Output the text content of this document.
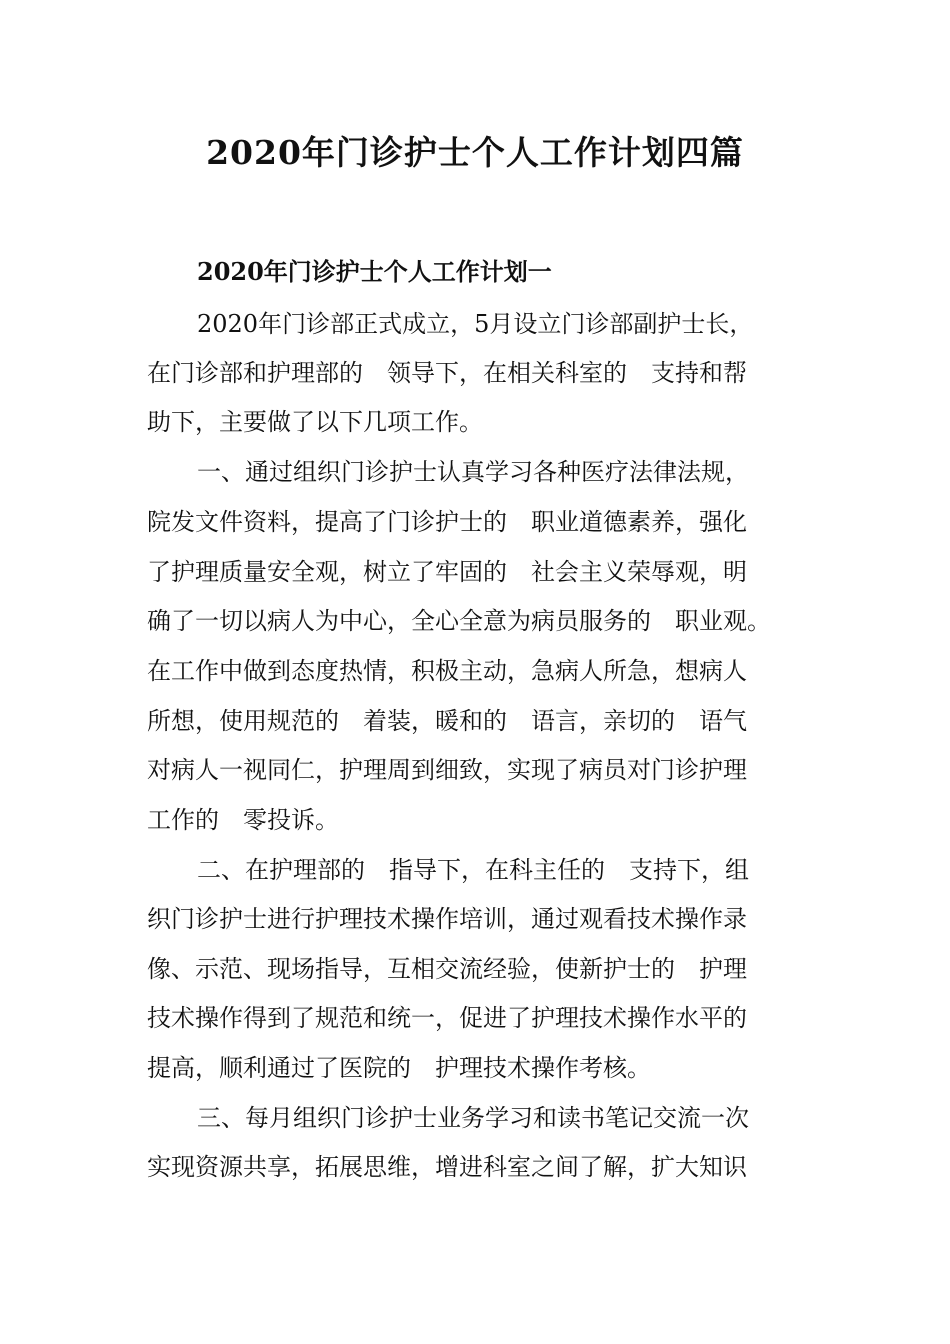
2020年门诊护士个人工作计划四篇
2020年门诊护士个人工作计划一
2020年门诊部正式成立，5月设立门诊部副护士长，
在门诊部和护理部的　领导下，在相关科室的　支持和帮
助下，主要做了以下几项工作。
一、通过组织门诊护士认真学习各种医疗法律法规，
院发文件资料，提高了门诊护士的　职业道德素养，强化
了护理质量安全观，树立了牢固的　社会主义荣辱观，明
确了一切以病人为中心，全心全意为病员服务的　职业观。
在工作中做到态度热情，积极主动，急病人所急，想病人
所想，使用规范的　着装，暖和的　语言，亲切的　语气
对病人一视同仁，护理周到细致，实现了病员对门诊护理
工作的　零投诉。
二、在护理部的　指导下，在科主任的　支持下，组
织门诊护士进行护理技术操作培训，通过观看技术操作录
像、示范、现场指导，互相交流经验，使新护士的　护理
技术操作得到了规范和统一，促进了护理技术操作水平的
提高，顺利通过了医院的　护理技术操作考核。
三、每月组织门诊护士业务学习和读书笔记交流一次
实现资源共享，拓展思维，增进科室之间了解，扩大知识
